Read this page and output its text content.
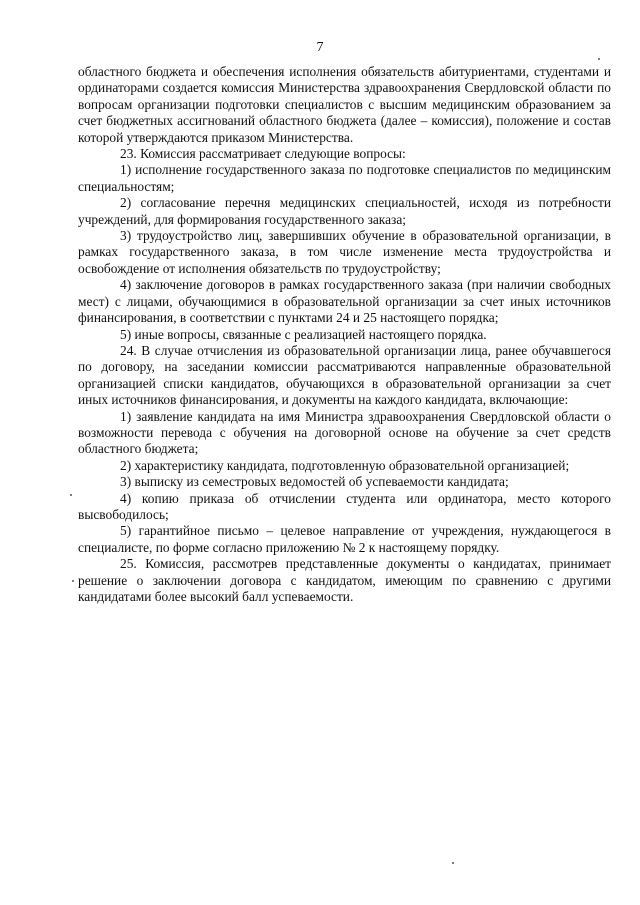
7

областного бюджета и обеспечения исполнения обязательств абитуриентами, студентами и ординаторами создается комиссия Министерства здравоохранения Свердловской области по вопросам организации подготовки специалистов с высшим медицинским образованием за счет бюджетных ассигнований областного бюджета (далее – комиссия), положение и состав которой утверждаются приказом Министерства.

23. Комиссия рассматривает следующие вопросы:

1) исполнение государственного заказа по подготовке специалистов по медицинским специальностям;

2) согласование перечня медицинских специальностей, исходя из потребности учреждений, для формирования государственного заказа;

3) трудоустройство лиц, завершивших обучение в образовательной организации, в рамках государственного заказа, в том числе изменение места трудоустройства и освобождение от исполнения обязательств по трудоустройству;

4) заключение договоров в рамках государственного заказа (при наличии свободных мест) с лицами, обучающимися в образовательной организации за счет иных источников финансирования, в соответствии с пунктами 24 и 25 настоящего порядка;

5) иные вопросы, связанные с реализацией настоящего порядка.

24. В случае отчисления из образовательной организации лица, ранее обучавшегося по договору, на заседании комиссии рассматриваются направленные образовательной организацией списки кандидатов, обучающихся в образовательной организации за счет иных источников финансирования, и документы на каждого кандидата, включающие:

1) заявление кандидата на имя Министра здравоохранения Свердловской области о возможности перевода с обучения на договорной основе на обучение за счет средств областного бюджета;

2) характеристику кандидата, подготовленную образовательной организацией;

3) выписку из семестровых ведомостей об успеваемости кандидата;

4) копию приказа об отчислении студента или ординатора, место которого высвободилось;

5) гарантийное письмо – целевое направление от учреждения, нуждающегося в специалисте, по форме согласно приложению № 2 к настоящему порядку.

25. Комиссия, рассмотрев представленные документы о кандидатах, принимает решение о заключении договора с кандидатом, имеющим по сравнению с другими кандидатами более высокий балл успеваемости.
